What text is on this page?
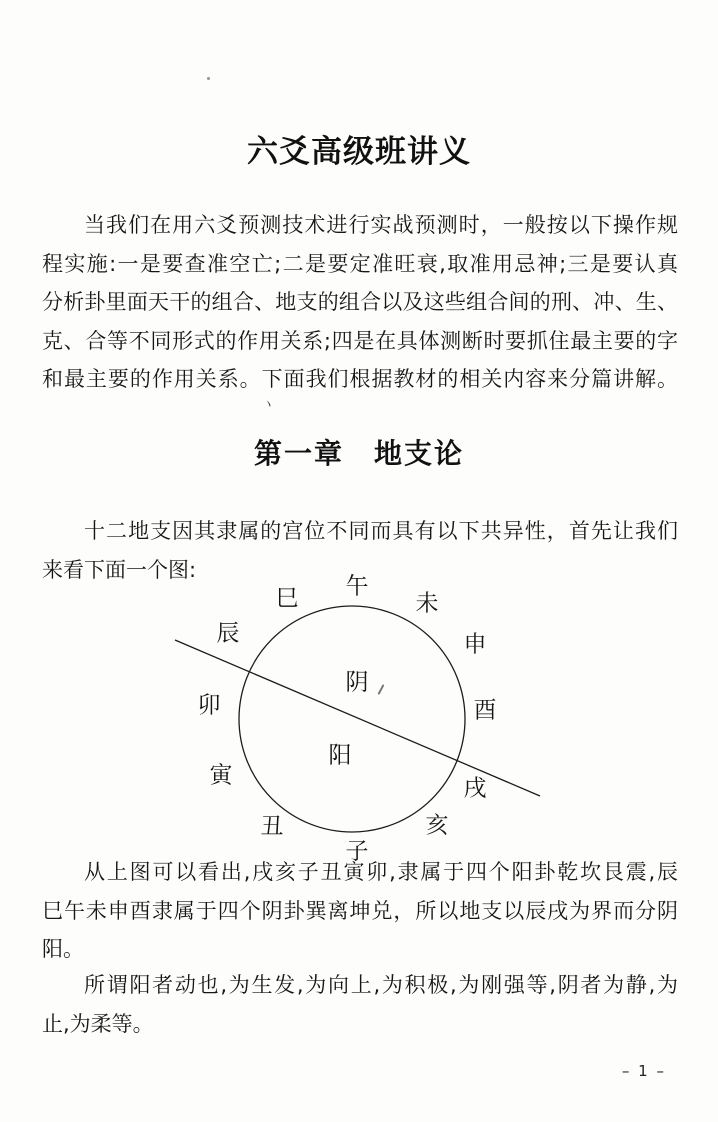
六爻高级班讲义
当我们在用六爻预测技术进行实战预测时，一般按以下操作规
程实施:一是要查准空亡;二是要定准旺衰,取准用忌神;三是要认真
分析卦里面天干的组合、地支的组合以及这些组合间的刑、冲、生、
克、合等不同形式的作用关系;四是在具体测断时要抓住最主要的字
和最主要的作用关系。下面我们根据教材的相关内容来分篇讲解。
第一章　地支论
十二地支因其隶属的宫位不同而具有以下共异性，首先让我们
来看下面一个图:
阴
阳
巳 午
未
辰	申
卯	酉
寅	戌
丑	亥
子
从上图可以看出,戌亥子丑寅卯,隶属于四个阳卦乾坎艮震,辰
巳午未申酉隶属于四个阴卦巽离坤兑，所以地支以辰戌为界而分阴
阳。
所谓阳者动也,为生发,为向上,为积极,为刚强等,阴者为静,为
止,为柔等。
– 1 –
丶
